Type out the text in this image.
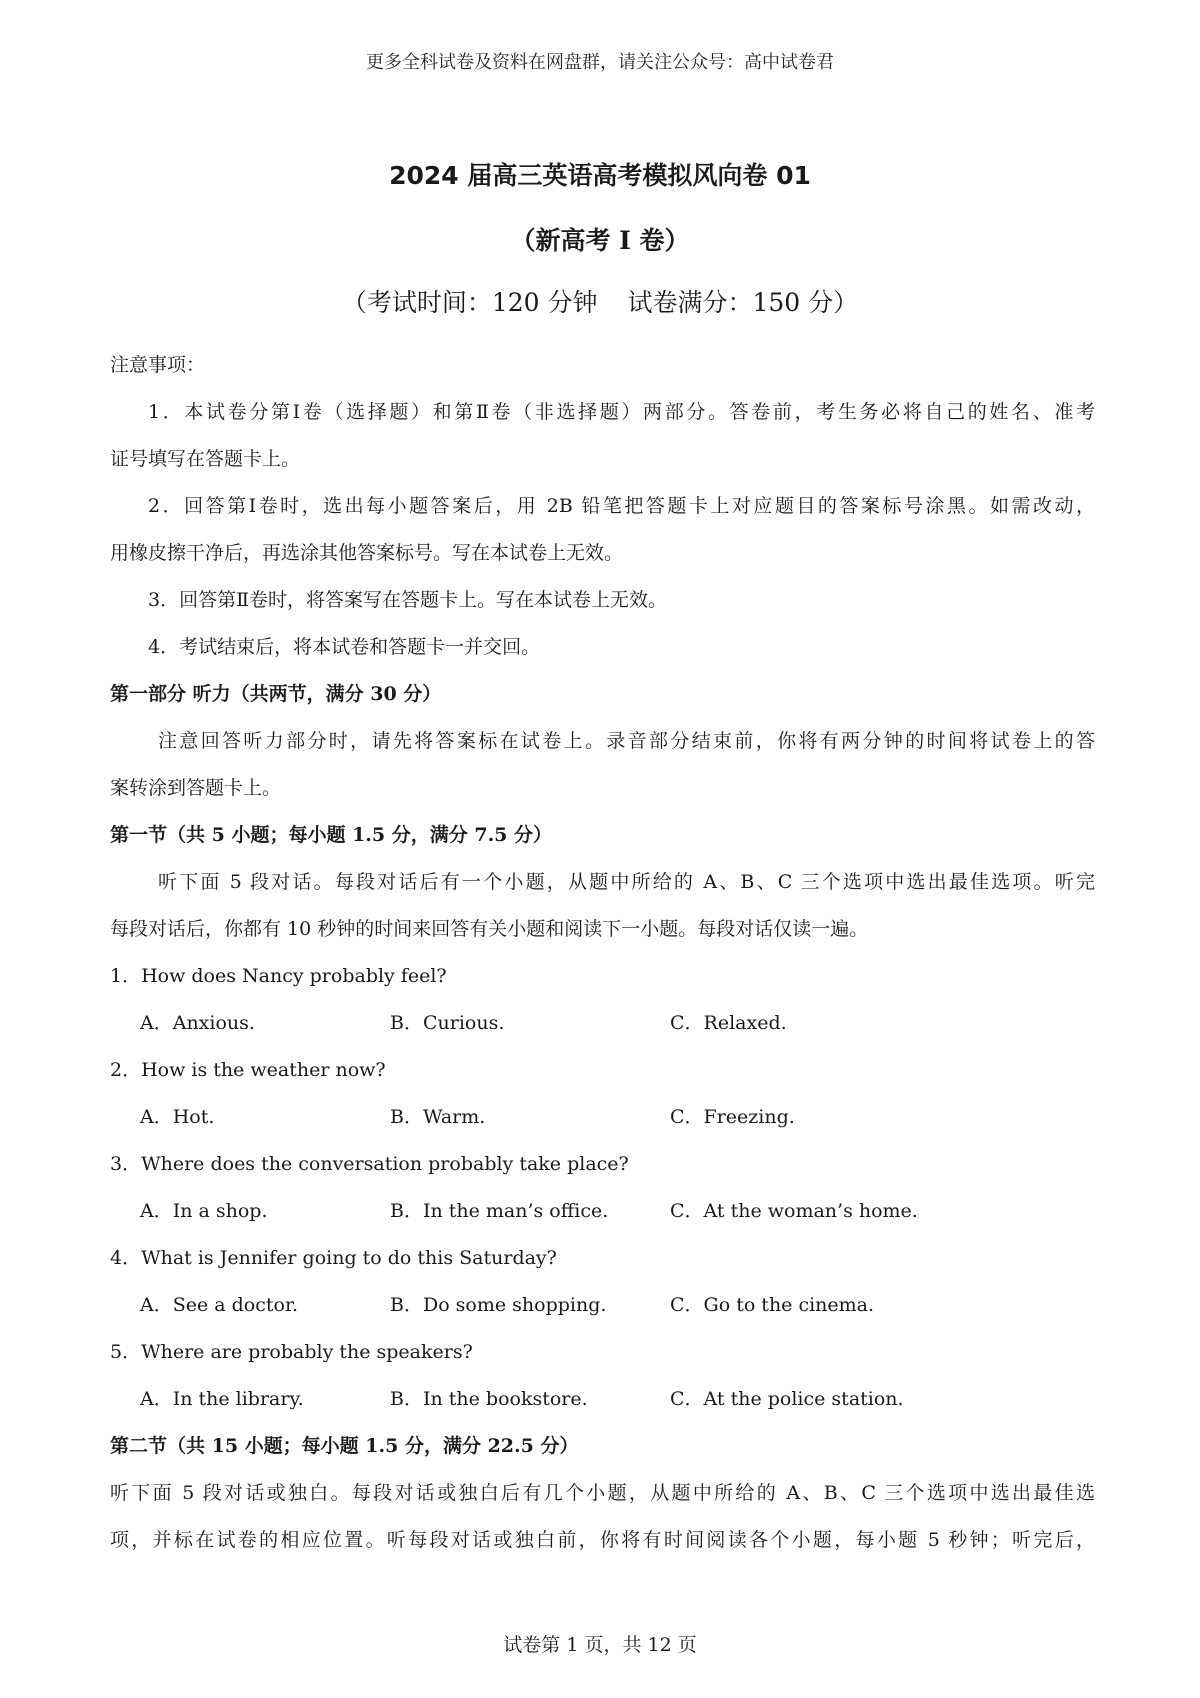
更多全科试卷及资料在网盘群，请关注公众号：高中试卷君
2024 届高三英语高考模拟风向卷 01
（新高考 I 卷）
（考试时间：120 分钟 试卷满分：150 分）
注意事项：
1．本试卷分第Ⅰ卷（选择题）和第Ⅱ卷（非选择题）两部分。答卷前，考生务必将自己的姓名、准考
证号填写在答题卡上。
2．回答第Ⅰ卷时，选出每小题答案后，用 2B 铅笔把答题卡上对应题目的答案标号涂黑。如需改动，
用橡皮擦干净后，再选涂其他答案标号。写在本试卷上无效。
3．回答第Ⅱ卷时，将答案写在答题卡上。写在本试卷上无效。
4．考试结束后，将本试卷和答题卡一并交回。
第一部分 听力（共两节，满分 30 分）
注意回答听力部分时，请先将答案标在试卷上。录音部分结束前，你将有两分钟的时间将试卷上的答
案转涂到答题卡上。
第一节（共 5 小题；每小题 1.5 分，满分 7.5 分）
听下面 5 段对话。每段对话后有一个小题，从题中所给的 A、B、C 三个选项中选出最佳选项。听完
每段对话后，你都有 10 秒钟的时间来回答有关小题和阅读下一小题。每段对话仅读一遍。
1．How does Nancy probably feel?
A．Anxious.	B．Curious.	C．Relaxed.
2．How is the weather now?
A．Hot.	B．Warm.	C．Freezing.
3．Where does the conversation probably take place?
A．In a shop.	B．In the man’s office.	C．At the woman’s home.
4．What is Jennifer going to do this Saturday?
A．See a doctor.	B．Do some shopping.	C．Go to the cinema.
5．Where are probably the speakers?
A．In the library.	B．In the bookstore.	C．At the police station.
第二节（共 15 小题；每小题 1.5 分，满分 22.5 分）
听下面 5 段对话或独白。每段对话或独白后有几个小题，从题中所给的 A、B、C 三个选项中选出最佳选
项，并标在试卷的相应位置。听每段对话或独白前，你将有时间阅读各个小题，每小题 5 秒钟；听完后，
试卷第 1 页，共 12 页
